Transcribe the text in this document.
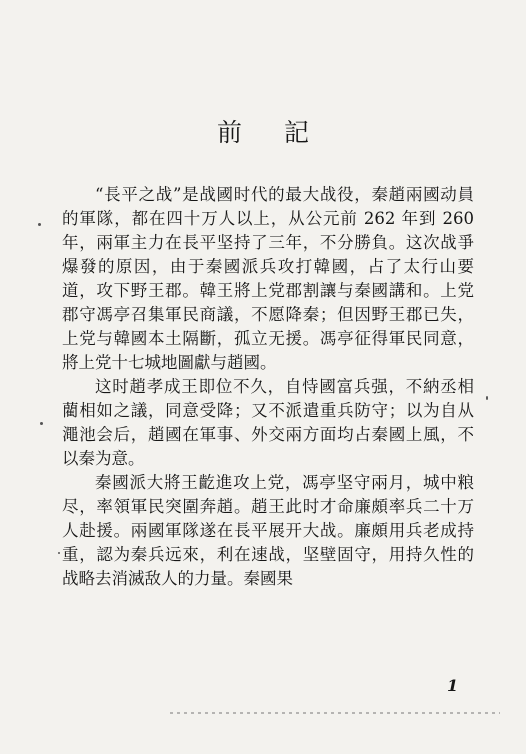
前 記

“長平之战”是战國时代的最大战役，秦趙兩國动員的軍隊，都在四十万人以上，从公元前 262 年到 260 年，兩軍主力在長平坚持了三年，不分勝負。这次战爭爆發的原因，由于秦國派兵攻打韓國，占了太行山要道，攻下野王郡。韓王將上党郡割讓与秦國講和。上党郡守馮亭召集軍民商議，不愿降秦；但因野王郡已失，上党与韓國本土隔斷，孤立无援。馮亭征得軍民同意，將上党十七城地圖獻与趙國。

这时趙孝成王即位不久，自恃國富兵强，不納丞相藺相如之議，同意受降；又不派遣重兵防守；以为自从澠池会后，趙國在軍事、外交兩方面均占秦國上風，不以秦为意。

秦國派大將王齕進攻上党，馮亭坚守兩月，城中粮尽，率領軍民突圍奔趙。趙王此时才命廉頗率兵二十万人赴援。兩國軍隊遂在長平展开大战。廉頗用兵老成持重，認为秦兵远來，利在速战，坚壁固守，用持久性的战略去消滅敌人的力量。秦國果

1
